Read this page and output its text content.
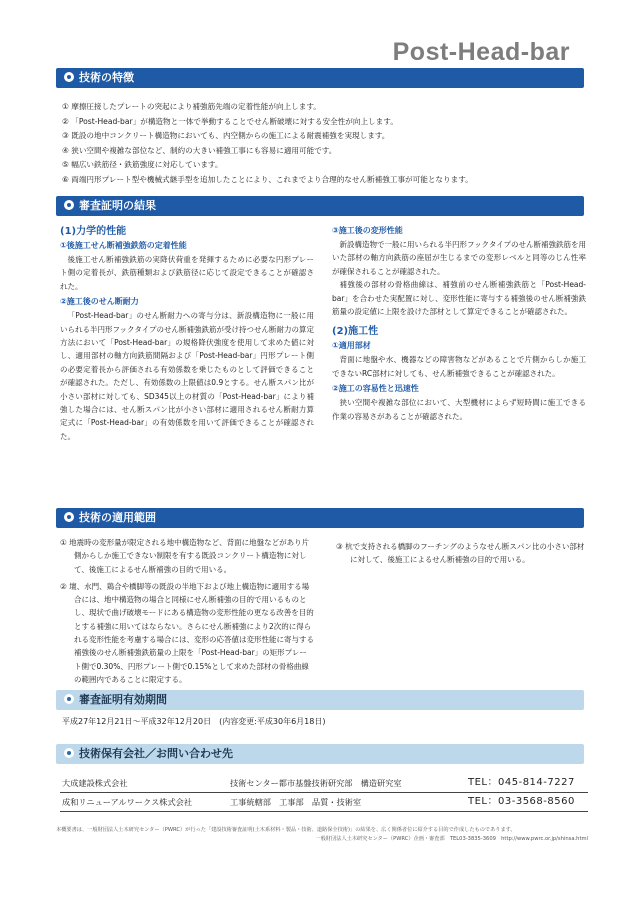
Post-Head-bar
技術の特徴
① 摩擦圧接したプレートの突起により補強筋先端の定着性能が向上します。
② 「Post-Head-bar」が構造物と一体で挙動することでせん断破壊に対する安全性が向上します。
③ 既設の地中コンクリート構造物においても、内空側からの施工による耐震補強を実現します。
④ 狭い空間や複雑な部位など、制約の大きい補強工事にも容易に適用可能です。
⑤ 幅広い鉄筋径・鉄筋強度に対応しています。
⑥ 両端円形プレート型や機械式継手型を追加したことにより、これまでより合理的なせん断補強工事が可能となります。
審査証明の結果
(1)力学的性能
①後施工せん断補強鉄筋の定着性能
後施工せん断補強鉄筋の実降伏荷重を発揮するために必要な円形プレート側の定着長が、鉄筋種類および鉄筋径に応じて設定できることが確認された。
②施工後のせん断耐力
「Post-Head-bar」のせん断耐力への寄与分は、新設構造物に一般に用いられる半円形フックタイプのせん断補強鉄筋が受け持つせん断耐力の算定方法において「Post-Head-bar」の規格降伏強度を使用して求めた値に対し、適用部材の軸方向鉄筋間隔および「Post-Head-bar」円形プレート側の必要定着長から評価される有効係数を乗じたものとして評価できることが確認された。ただし、有効係数の上限値は0.9とする。せん断スパン比が小さい部材に対しても、SD345以上の材質の「Post-Head-bar」により補強した場合には、せん断スパン比が小さい部材に適用されるせん断耐力算定式に「Post-Head-bar」の有効係数を用いて評価できることが確認された。
③施工後の変形性能
新設構造物で一般に用いられる半円形フックタイプのせん断補強鉄筋を用いた部材の軸方向鉄筋の座屈が生じるまでの変形レベルと同等のじん性率が確保されることが確認された。
補強後の部材の骨格曲線は、補強前のせん断補強鉄筋と「Post-Head-bar」を合わせた実配置に対し、変形性能に寄与する補強後のせん断補強鉄筋量の設定値に上限を設けた部材として算定できることが確認された。
(2)施工性
①適用部材
背面に地盤や水、機器などの障害物などがあることで片側からしか施工できないRC部材に対しても、せん断補強できることが確認された。
②施工の容易性と迅速性
狭い空間や複雑な部位において、大型機材によらず短時間に施工できる作業の容易さがあることが確認された。
技術の適用範囲
① 地震時の変形量が限定される地中構造物など、背面に地盤などがあり片側からしか施工できない制限を有する既設コンクリート構造物に対して、後施工によるせん断補強の目的で用いる。
② 壇、水門、鶏合や橋脚等の既設の半地下および地上構造物に適用する場合には、地中構造物の場合と同様にせん断補強の目的で用いるものとし、現状で曲げ破壊モードにある構造物の変形性能の更なる改善を目的とする補強に用いてはならない。さらにせん断補強により2次的に得られる変形性能を考慮する場合には、変形の応答値は変形性能に寄与する補強後のせん断補強鉄筋量の上限を「Post-Head-bar」の矩形プレート側で0.30%、円形プレート側で0.15%として求めた部材の骨格曲線の範囲内であることに限定する。
③ 杭で支持される橋脚のフーチングのようなせん断スパン比の小さい部材に対して、後施工によるせん断補強の目的で用いる。
審査証明有効期間
平成27年12月21日～平成32年12月20日　(内容変更:平成30年6月18日)
技術保有会社／お問い合わせ先
大成建設株式会社	技術センター都市基盤技術研究部　構造研究室	TEL：045-814-7227
成和リニューアルワークス株式会社	工事統轄部　工事部　品質・技術室	TEL：03-3568-8560
本概要書は、一般財団法人土木研究センター（PWRC）が行った「建設技術審査証明(土木系材料・製品・技術、道路保全技術)」の結果を、広く関係者位に紹介する目的で作成したものであります。
一般財団法人土木研究センター（PWRC）企画・審査部　TEL03-3835-3609　http://www.pwrc.or.jp/shinsa.html
